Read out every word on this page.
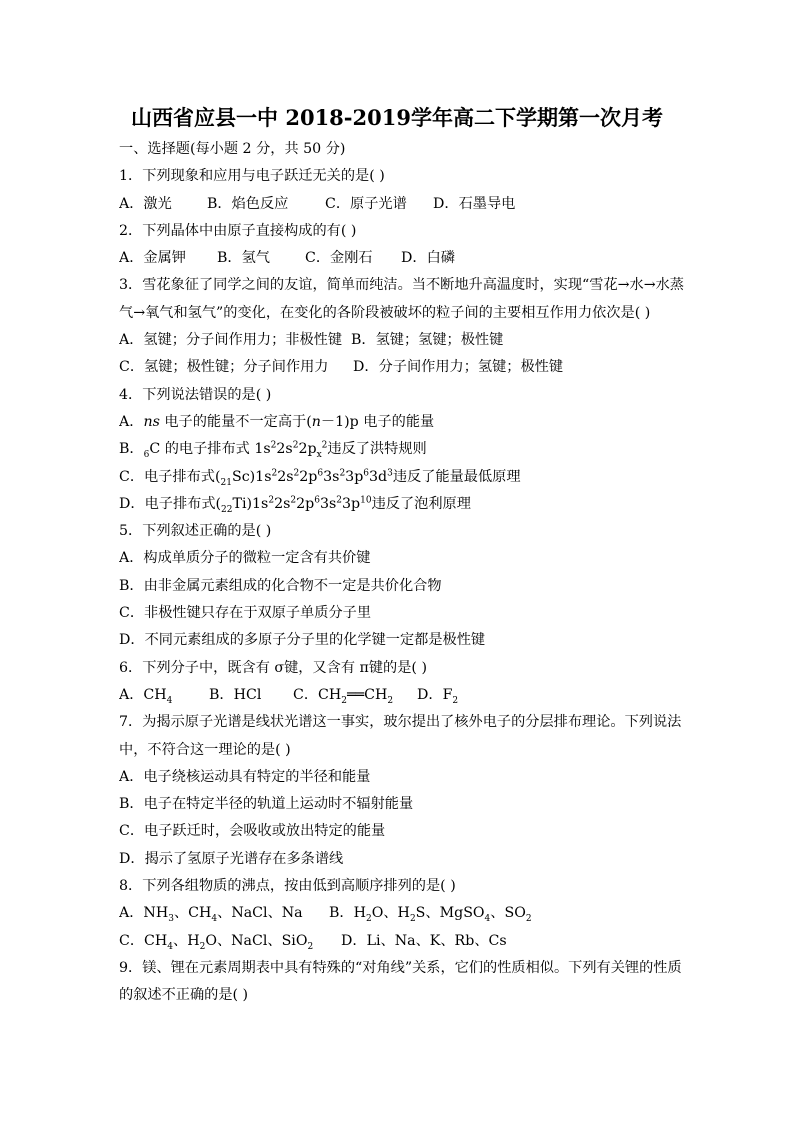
山西省应县一中 2018-2019学年高二下学期第一次月考
一、选择题(每小题 2 分，共 50 分)
1．下列现象和应用与电子跃迁无关的是( )
A．激光	B．焰色反应	C．原子光谱	D．石墨导电
2．下列晶体中由原子直接构成的有( )
A．金属钾	B．氢气	C．金刚石	D．白磷
3．雪花象征了同学之间的友谊，简单而纯洁。当不断地升高温度时，实现“雪花→水→水蒸
气→氧气和氢气”的变化，在变化的各阶段被破坏的粒子间的主要相互作用力依次是( )
A．氢键；分子间作用力；非极性键 B．氢键；氢键；极性键
C．氢键；极性键；分子间作用力	D．分子间作用力；氢键；极性键
4．下列说法错误的是( )
A．ns 电子的能量不一定高于(n－1)p 电子的能量
B．$_6$C 的电子排布式 $1s^22s^22p_x^2$违反了洪特规则
C．电子排布式$(_{21}Sc)1s^22s^22p^63s^23p^63d^3$违反了能量最低原理
D．电子排布式$(_{22}Ti)1s^22s^22p^63s^23p^{10}$违反了泡利原理
5．下列叙述正确的是( )
A．构成单质分子的微粒一定含有共价键
B．由非金属元素组成的化合物不一定是共价化合物
C．非极性键只存在于双原子单质分子里
D．不同元素组成的多原子分子里的化学键一定都是极性键
6．下列分子中，既含有 σ键，又含有 π键的是( )
A．$CH_4$	B．HCl	C．$CH_2══CH_2$	D．$F_2$
7．为揭示原子光谱是线状光谱这一事实，玻尔提出了核外电子的分层排布理论。下列说法
中，不符合这一理论的是( )
A．电子绕核运动具有特定的半径和能量
B．电子在特定半径的轨道上运动时不辐射能量
C．电子跃迁时，会吸收或放出特定的能量
D．揭示了氢原子光谱存在多条谱线
8．下列各组物质的沸点，按由低到高顺序排列的是( )
A．$NH_3$、$CH_4$、NaCl、Na	B．$H_2O$、$H_2S$、MgSO$_4$、$SO_2$
C．$CH_4$、$H_2O$、NaCl、SiO$_2$	D．Li、Na、K、Rb、Cs
9．镁、锂在元素周期表中具有特殊的“对角线”关系，它们的性质相似。下列有关锂的性质
的叙述不正确的是( )
